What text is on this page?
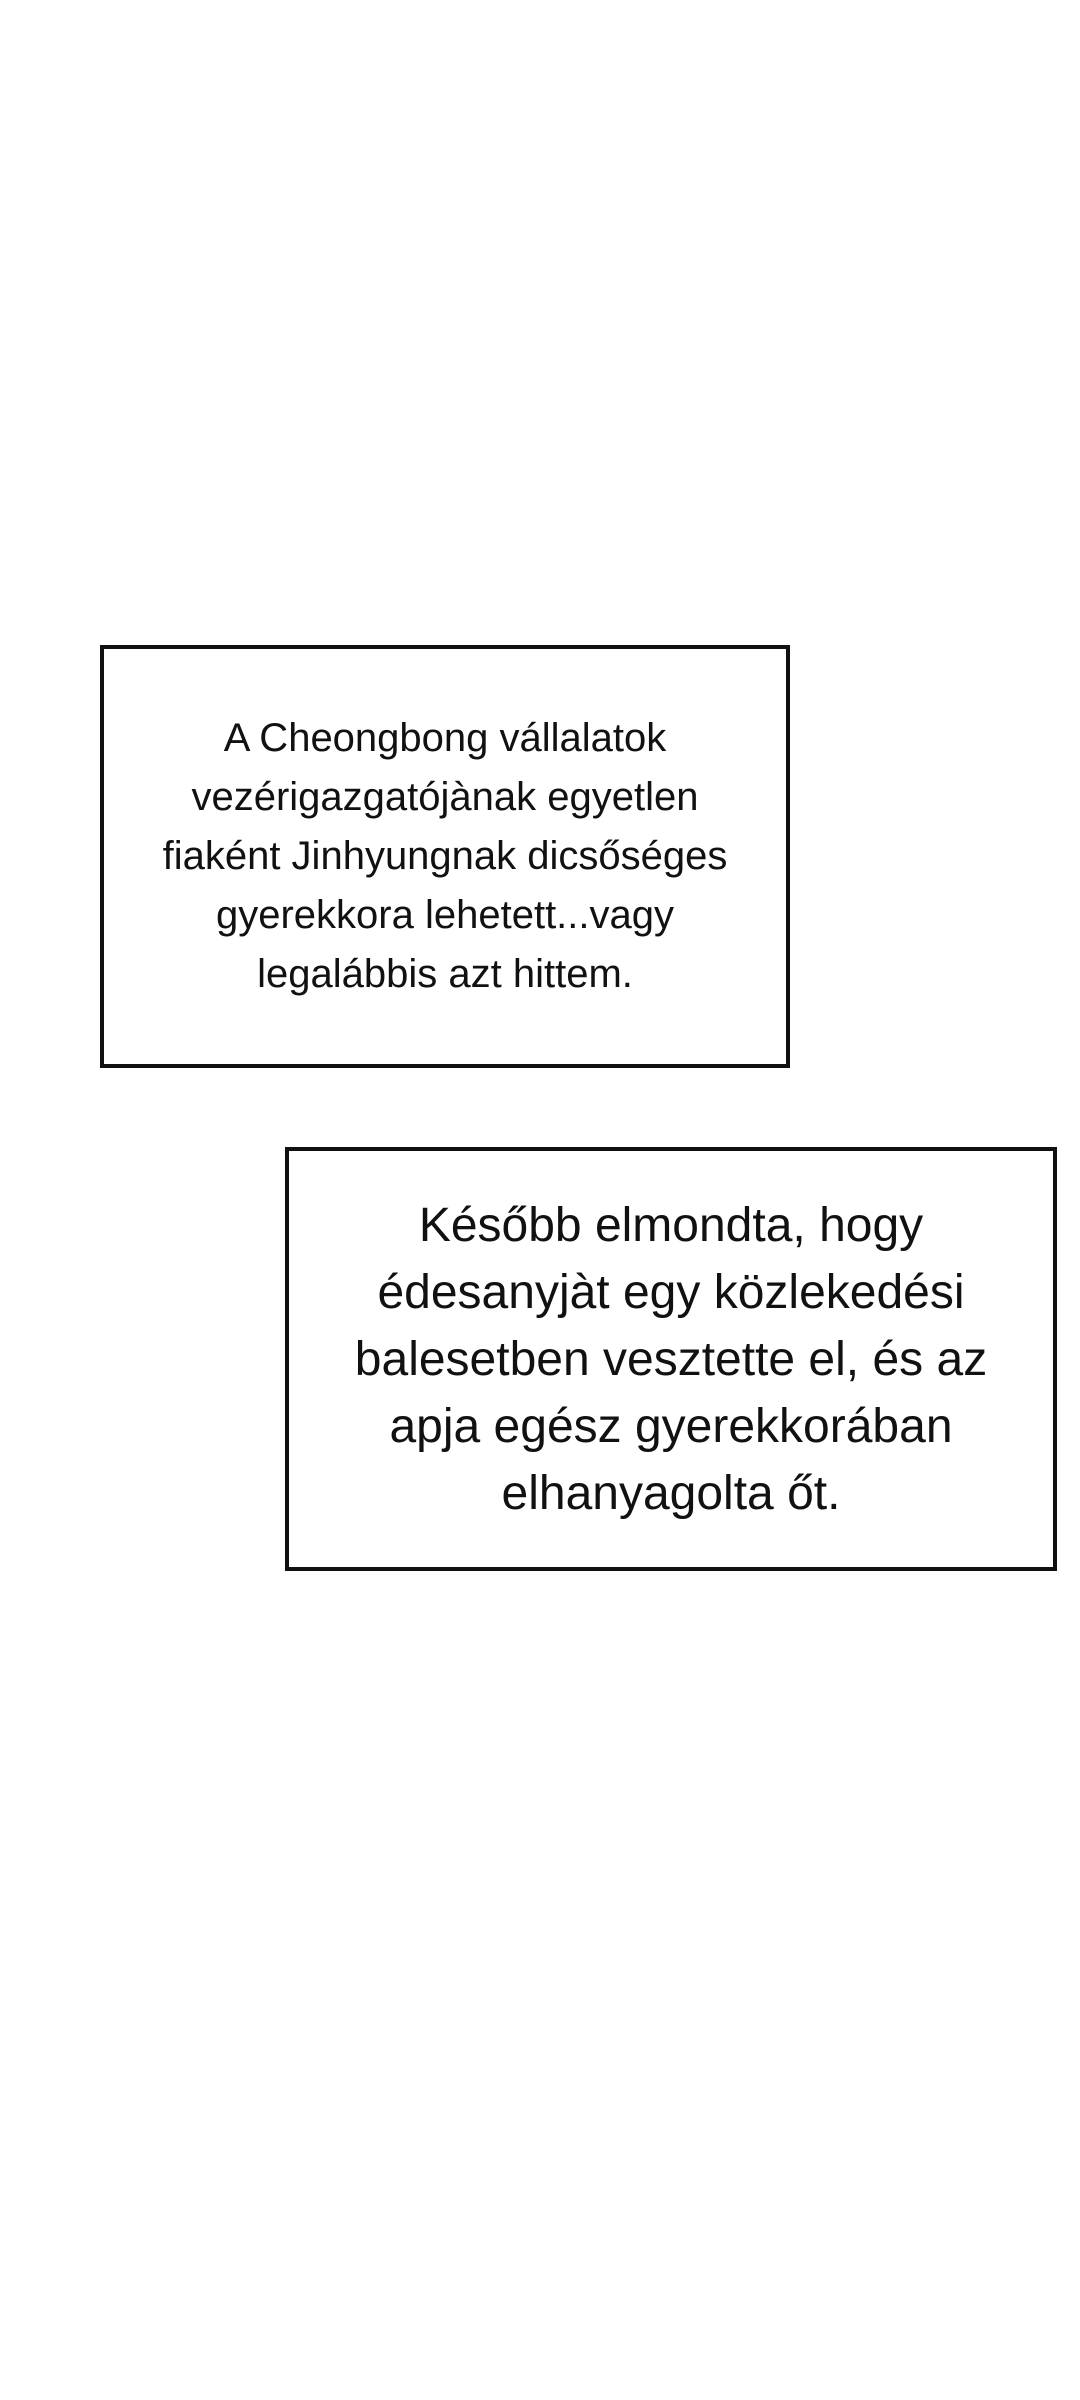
A Cheongbong vállalatok
vezérigazgatójànak egyetlen
fiaként Jinhyungnak dicsőséges
gyerekkora lehetett...vagy
legalábbis azt hittem.
Később elmondta, hogy
édesanyjàt egy közlekedési
balesetben vesztette el, és az
apja egész gyerekkorában
elhanyagolta őt.
